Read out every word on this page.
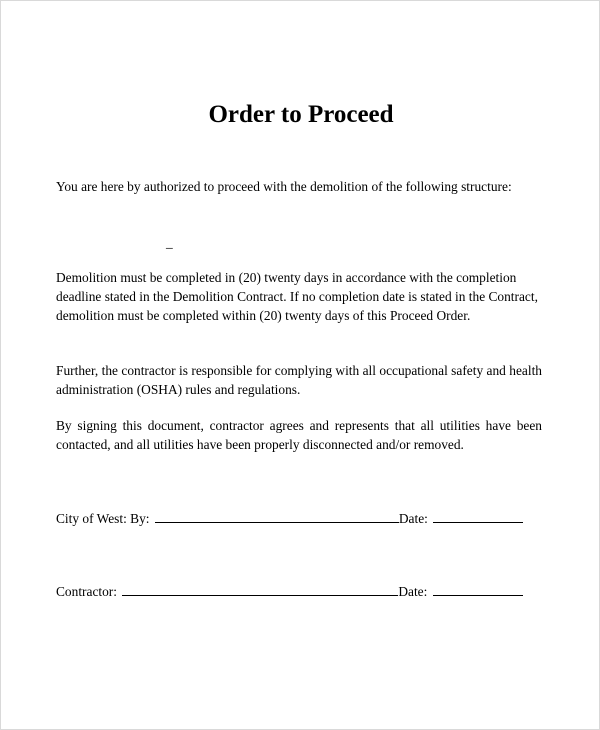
Order to Proceed

You are here by authorized to proceed with the demolition of the following structure:

_
Demolition must be completed in (20) twenty days in accordance with the completion
deadline stated in the Demolition Contract. If no completion date is stated in the Contract,
demolition must be completed within (20) twenty days of this Proceed Order.

Further, the contractor is responsible for complying with all occupational safety and health administration (OSHA) rules and regulations.

By signing this document, contractor agrees and represents that all utilities have been contacted, and all utilities have been properly disconnected and/or removed.

City of West: By:	Date:
Contractor:	Date:
